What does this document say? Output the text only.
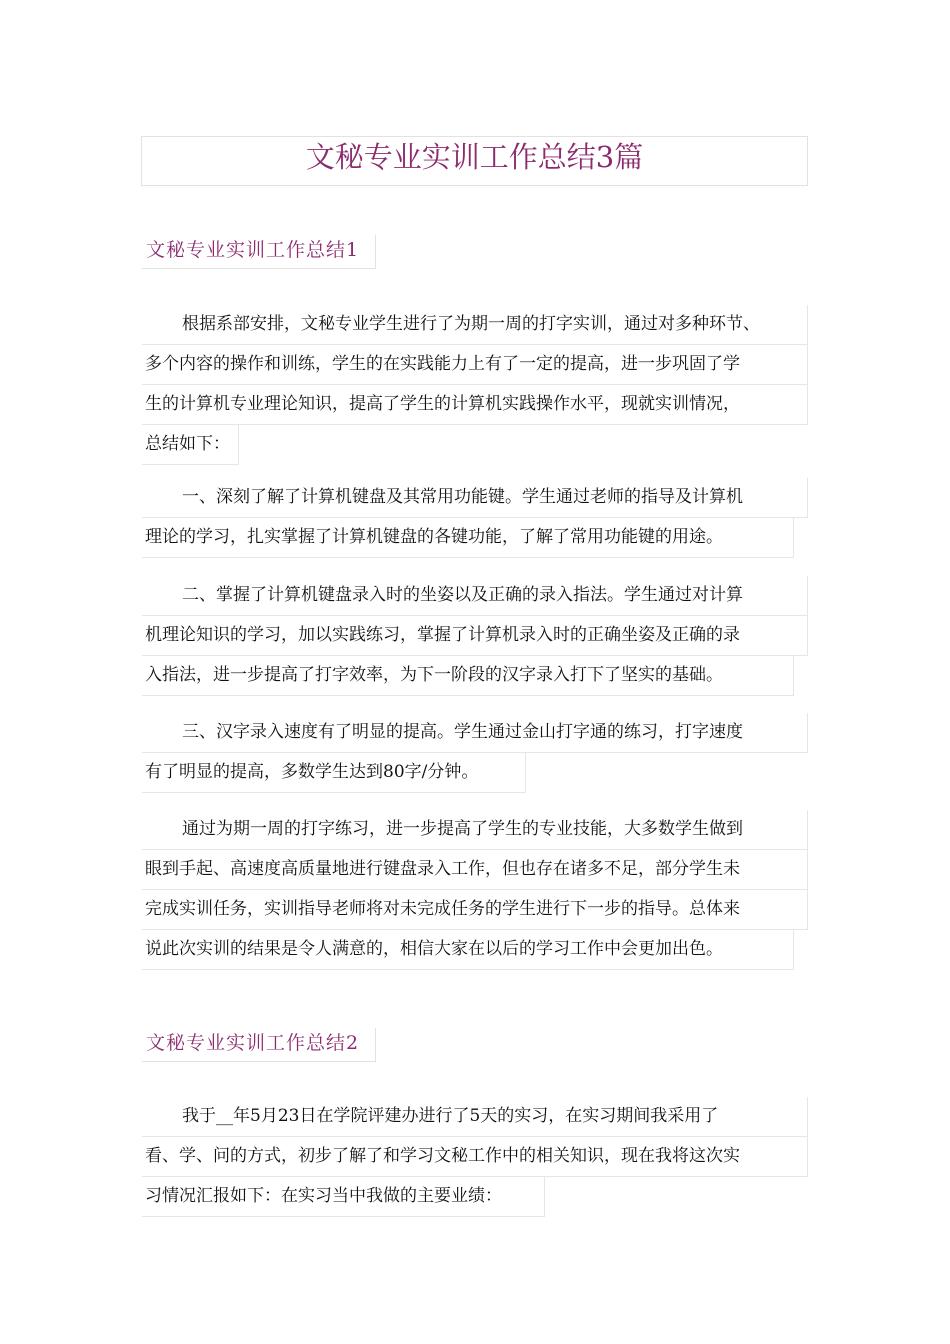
文秘专业实训工作总结3篇
文秘专业实训工作总结1
根据系部安排，文秘专业学生进行了为期一周的打字实训，通过对多种环节、
多个内容的操作和训练，学生的在实践能力上有了一定的提高，进一步巩固了学
生的计算机专业理论知识，提高了学生的计算机实践操作水平，现就实训情况，
总结如下：
一、深刻了解了计算机键盘及其常用功能键。学生通过老师的指导及计算机
理论的学习，扎实掌握了计算机键盘的各键功能，了解了常用功能键的用途。
二、掌握了计算机键盘录入时的坐姿以及正确的录入指法。学生通过对计算
机理论知识的学习，加以实践练习，掌握了计算机录入时的正确坐姿及正确的录
入指法，进一步提高了打字效率，为下一阶段的汉字录入打下了坚实的基础。
三、汉字录入速度有了明显的提高。学生通过金山打字通的练习，打字速度
有了明显的提高，多数学生达到80字/分钟。
通过为期一周的打字练习，进一步提高了学生的专业技能，大多数学生做到
眼到手起、高速度高质量地进行键盘录入工作，但也存在诸多不足，部分学生未
完成实训任务，实训指导老师将对未完成任务的学生进行下一步的指导。总体来
说此次实训的结果是令人满意的，相信大家在以后的学习工作中会更加出色。
文秘专业实训工作总结2
我于__年5月23日在学院评建办进行了5天的实习，在实习期间我采用了
看、学、问的方式，初步了解了和学习文秘工作中的相关知识，现在我将这次实
习情况汇报如下：在实习当中我做的主要业绩：
